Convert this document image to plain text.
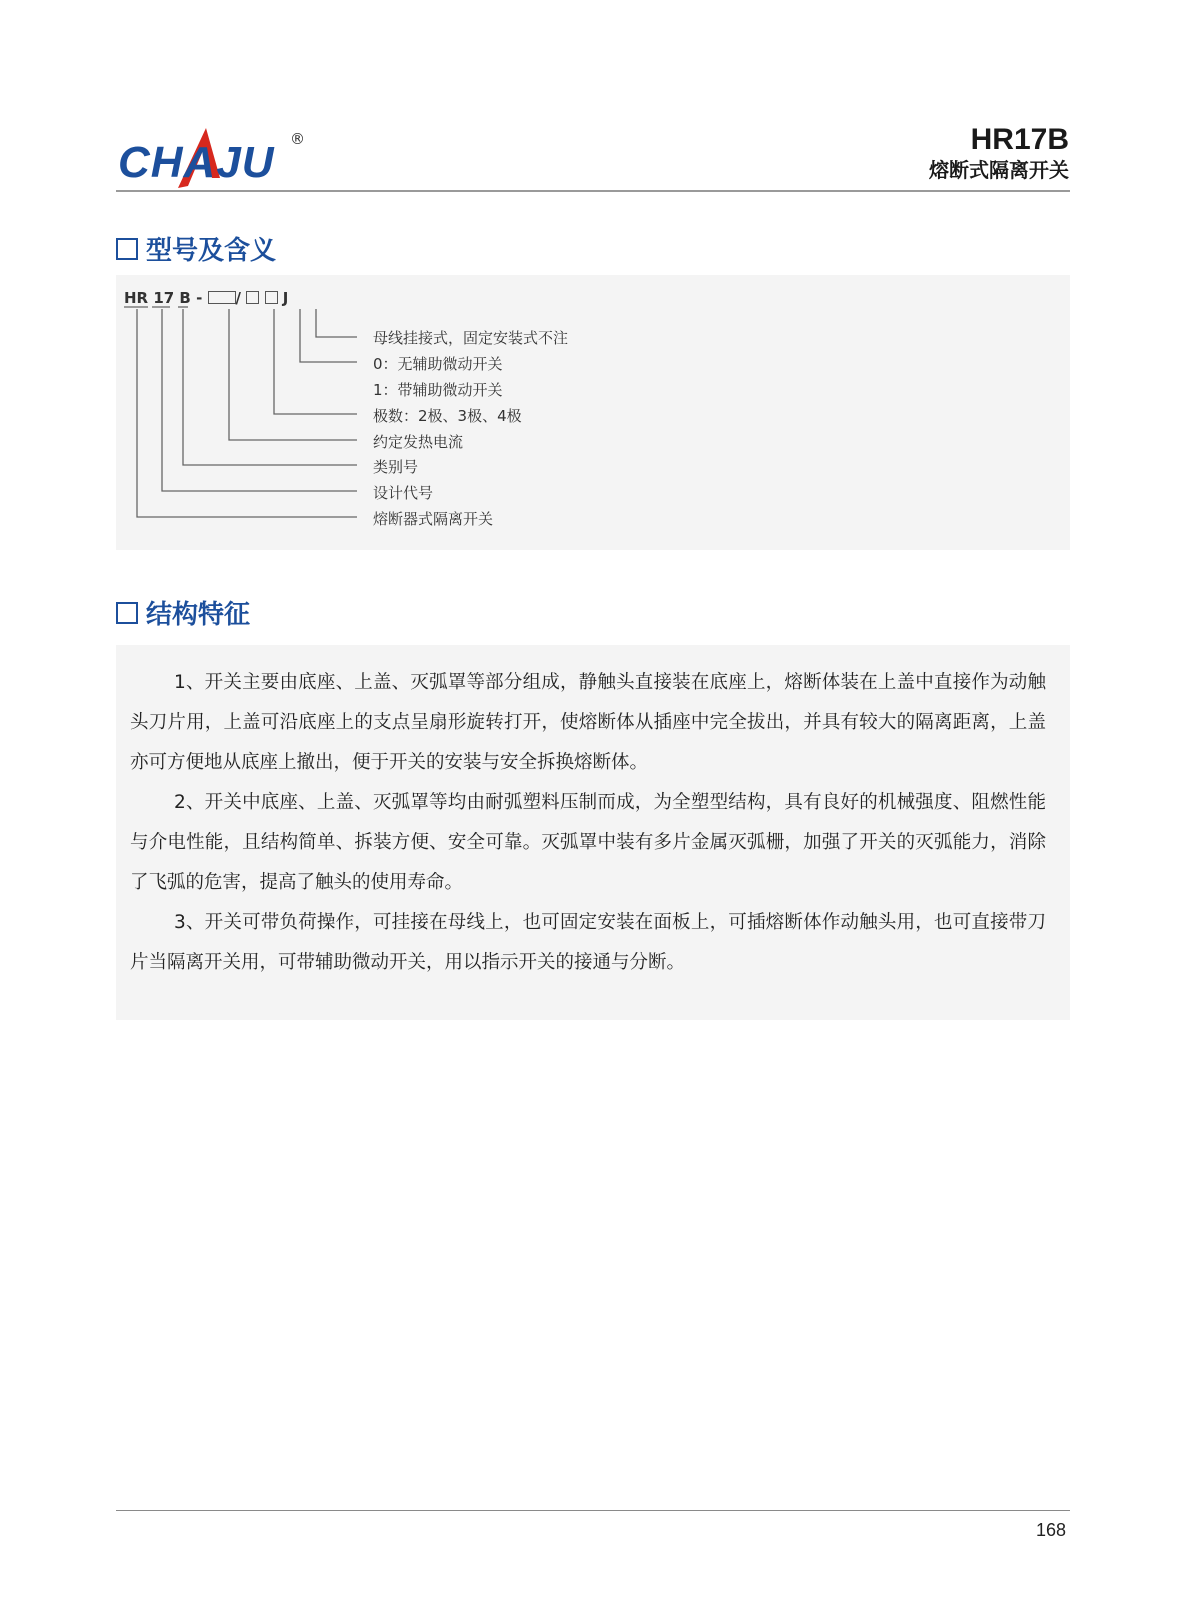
CHAJU ®	HR17B
熔断式隔离开关
型号及含义
HR 17 B - /	J
母线挂接式，固定安装式不注
0：无辅助微动开关
1：带辅助微动开关
极数：2极、3极、4极
约定发热电流
类别号
设计代号
熔断器式隔离开关
结构特征
1、开关主要由底座、上盖、灭弧罩等部分组成，静触头直接装在底座上，熔断体装在上盖中直接作为动触头刀片用，上盖可沿底座上的支点呈扇形旋转打开，使熔断体从插座中完全拔出，并具有较大的隔离距离，上盖亦可方便地从底座上撤出，便于开关的安装与安全拆换熔断体。
2、开关中底座、上盖、灭弧罩等均由耐弧塑料压制而成，为全塑型结构，具有良好的机械强度、阻燃性能与介电性能，且结构简单、拆装方便、安全可靠。灭弧罩中装有多片金属灭弧栅，加强了开关的灭弧能力，消除了飞弧的危害，提高了触头的使用寿命。
3、开关可带负荷操作，可挂接在母线上，也可固定安装在面板上，可插熔断体作动触头用，也可直接带刀片当隔离开关用，可带辅助微动开关，用以指示开关的接通与分断。
168
